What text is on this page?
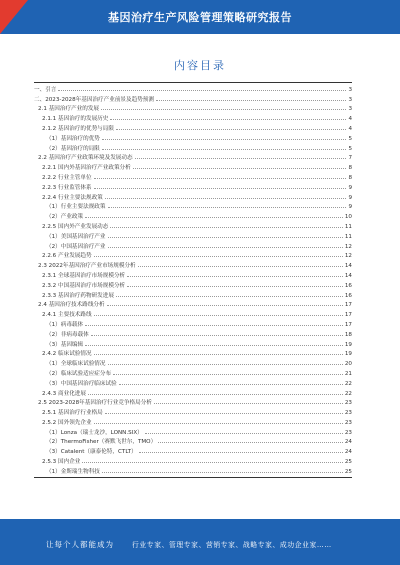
基因治疗生产风险管理策略研究报告
内容目录
一、引言	3
二、2023-2028年基因治疗产业前景及趋势预测	3
2.1 基因治疗产业的发展	3
2.1.1 基因治疗的发展历史	4
2.1.2 基因治疗的优势与局限	4
（1）基因治疗的优势	5
（2）基因治疗的局限	5
2.2 基因治疗产业政策环境及发展动态	7
2.2.1 国内外基因治疗产业政策分析	8
2.2.2 行业主管单位	8
2.2.3 行业监管体系	9
2.2.4 行业主要法规政策	9
（1）行业主要法规政策	9
（2）产业政策	10
2.2.5 国内外产业发展动态	11
（1）美国基因治疗产业	11
（2）中国基因治疗产业	12
2.2.6 产业发展趋势	12
2.3 2022年基因治疗产业市场规模分析	14
2.3.1 全球基因治疗市场规模分析	14
2.3.2 中国基因治疗市场规模分析	16
2.3.3 基因治疗药物研发进展	16
2.4 基因治疗技术路线分析	17
2.4.1 主要技术路线	17
（1）病毒载体	17
（2）非病毒载体	18
（3）基因编辑	19
2.4.2 临床试验情况	19
（1）全球临床试验情况	20
（2）临床试验适应症分布	21
（3）中国基因治疗临床试验	22
2.4.3 商业化进展	22
2.5 2023-2028年基因治疗行业竞争格局分析	23
2.5.1 基因治疗行业格局	23
2.5.2 国外领先企业	23
（1）Lonza（瑞士龙沙，LONN.SIX）	23
（2）ThermoFisher（赛默飞世尔，TMO）	24
（3）Catalent（康泰伦特，CTLT）	24
2.5.3 国内企业	25
（1）金斯瑞生物科技	25
让每个人都能成为	行业专家、管理专家、营销专家、战略专家、成功企业家……
